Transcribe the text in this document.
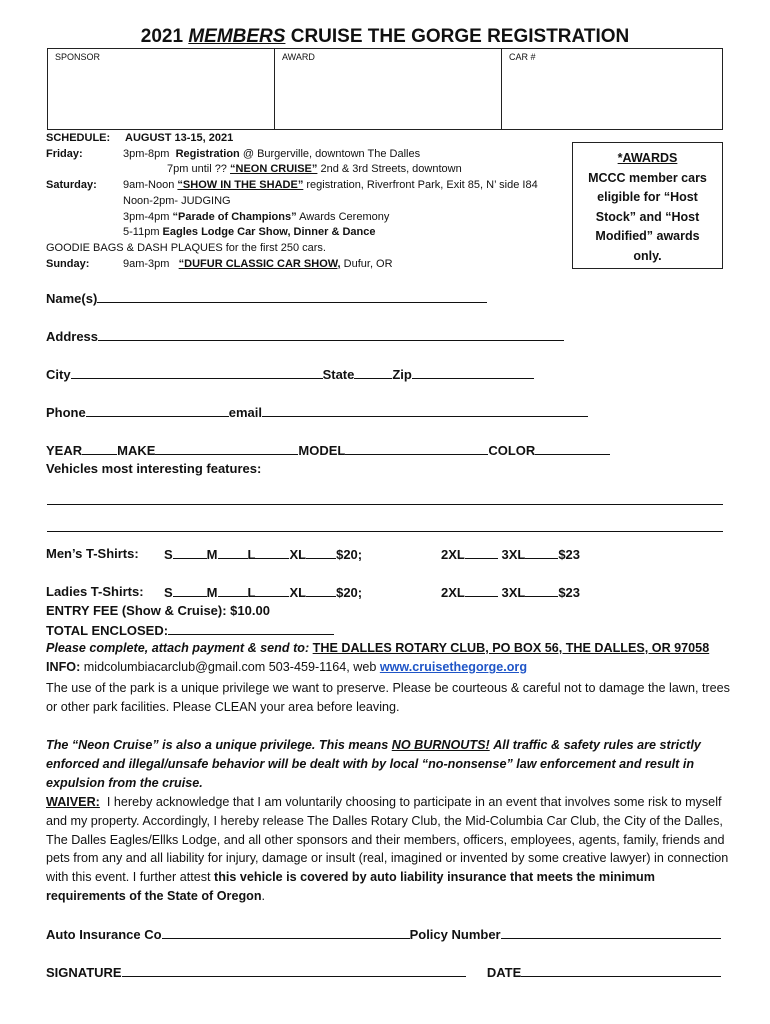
2021 MEMBERS CRUISE THE GORGE REGISTRATION
SPONSOR	AWARD	CAR #
SCHEDULE: AUGUST 13-15, 2021
Friday:	3pm-8pm Registration @ Burgerville, downtown The Dalles
7pm until ?? “NEON CRUISE” 2nd & 3rd Streets, downtown
Saturday: 9am-Noon “SHOW IN THE SHADE” registration, Riverfront Park, Exit 85, N’ side I84
Noon-2pm- JUDGING
3pm-4pm “Parade of Champions” Awards Ceremony
5-11pm Eagles Lodge Car Show, Dinner & Dance
GOODIE BAGS & DASH PLAQUES for the first 250 cars.
Sunday:	9am-3pm “DUFUR CLASSIC CAR SHOW, Dufur, OR
*AWARDS
MCCC member cars
eligible for “Host
Stock” and “Host
Modified” awards
only.
Name(s)
Address
City	State	Zip
Phone	email
YEAR	MAKE	MODEL	COLOR
Vehicles most interesting features:
Men’s T-Shirts: S	M L	XL $20;	2XL	3XL	$23
Ladies T-Shirts: S	M L	XL $20;	2XL	3XL	$23
ENTRY FEE (Show & Cruise): $10.00
TOTAL ENCLOSED:
Please complete, attach payment & send to: THE DALLES ROTARY CLUB, PO BOX 56, THE DALLES, OR 97058
INFO: midcolumbiacarclub@gmail.com 503-459-1164, web www.cruisethegorge.org
The use of the park is a unique privilege we want to preserve. Please be courteous & careful not to damage the lawn, trees or other park facilities. Please CLEAN your area before leaving.
The “Neon Cruise” is also a unique privilege. This means NO BURNOUTS! All traffic & safety rules are strictly enforced and illegal/unsafe behavior will be dealt with by local “no-nonsense” law enforcement and result in expulsion from the cruise.
WAIVER: I hereby acknowledge that I am voluntarily choosing to participate in an event that involves some risk to myself and my property. Accordingly, I hereby release The Dalles Rotary Club, the Mid-Columbia Car Club, the City of the Dalles, The Dalles Eagles/Ellks Lodge, and all other sponsors and their members, officers, employees, agents, family, friends and pets from any and all liability for injury, damage or insult (real, imagined or invented by some creative lawyer) in connection with this event. I further attest this vehicle is covered by auto liability insurance that meets the minimum requirements of the State of Oregon.
Auto Insurance Co	Policy Number
SIGNATURE	DATE
